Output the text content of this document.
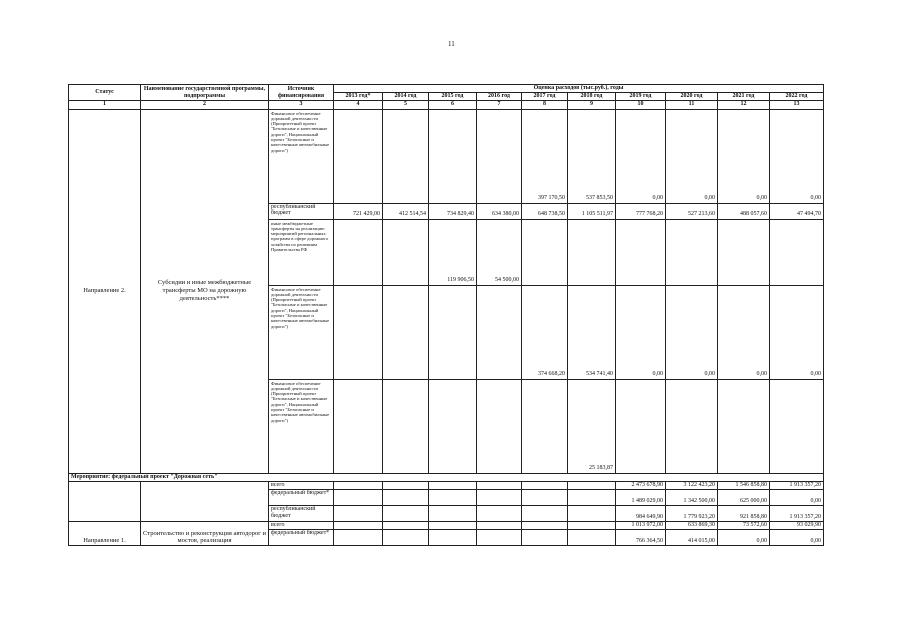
11
Статус	Наименование государственной программы, подпрограммы	Источник финансирования	Оценка расходов (тыс.руб.), годы									
			2013 год*	2014 год	2015 год	2016 год	2017 год	2018 год	2019 год	2020 год	2021 год	2022 год
1	2	3	4	5	6	7	8	9	10	11	12	13
Направление 2.	Субсидии и иные межбюджетные трансферты МО на дорожную деятельность****	Финансовое обеспечение дорожной деятельности (Приоритетный проект "Безопасные и качественные дороги", Национальный проект "Безопасные и качественные автомобильные дороги")					397 170,50	537 853,50	0,00	0,00	0,00	0,00
		республиканский бюджет	721 429,00	412 514,54	734 829,40	634 380,00	648 738,50	1 105 511,97	777 768,20	527 213,60	488 057,60	47 494,70
		иные межбюджетные трансферты на реализацию мероприятий региональных программ в сфере дорожного хозяйства по решениям Правительства РФ			119 906,50	54 500,00						
		Финансовое обеспечение дорожной деятельности (Приоритетный проект "Безопасные и качественные дороги", Национальный проект "Безопасные и качественные автомобильные дороги")					374 668,20	534 741,40	0,00	0,00	0,00	0,00
		Финансовое обеспечение дорожной деятельности (Приоритетный проект "Безопасные и качественные дороги", Национальный проект "Безопасные и качественные автомобильные дороги")						25 183,87				
Мероприятие: федеральный проект "Дорожная сеть"												
		всего							2 473 678,90	3 122 423,20	1 546 858,80	1 913 357,20
		федеральный бюджет*							1 489 029,00	1 342 500,00	625 000,00	0,00
		республиканский бюджет							984 649,90	1 779 923,20	921 858,80	1 913 357,20
Направление 1.	Строительство и реконструкция автодорог и мостов, реализация	всего							1 013 972,00	633 869,30	73 572,60	93 029,90
		федеральный бюджет*							766 364,50	414 015,00	0,00	0,00
